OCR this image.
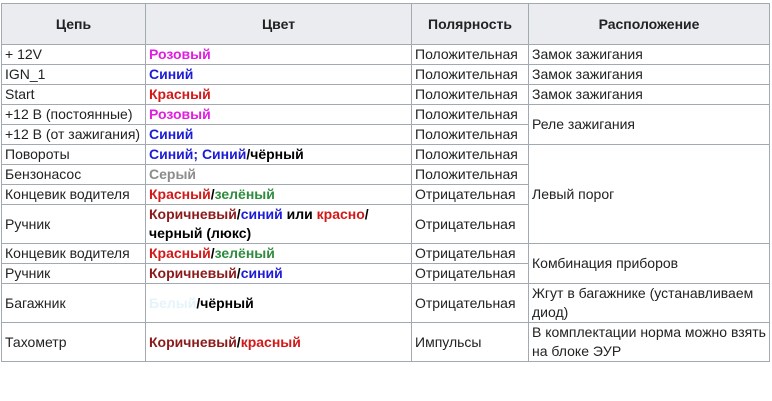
Цепь	Цвет	Полярность	Расположение
+ 12V	Розовый	Положительная	Замок зажигания
IGN_1	Синий	Положительная	Замок зажигания
Start	Красный	Положительная	Замок зажигания
+12 В (постоянные)	Розовый	Положительная	Реле зажигания
+12 В (от зажигания)	Синий	Положительная	
Повороты	Синий; Синий/чёрный	Положительная	Левый порог
Бензонасос	Серый	Положительная	
Концевик водителя	Красный/зелёный	Отрицательная	
Ручник	Коричневый/синий или красно/ черный (люкс)	Отрицательная	
Концевик водителя	Красный/зелёный	Отрицательная	Комбинация приборов
Ручник	Коричневый/синий	Отрицательная	
Багажник	Белый/чёрный	Отрицательная	Жгут в багажнике (устанавливаем диод)
Тахометр	Коричневый/красный	Импульсы	В комплектации норма можно взять на блоке ЭУР
